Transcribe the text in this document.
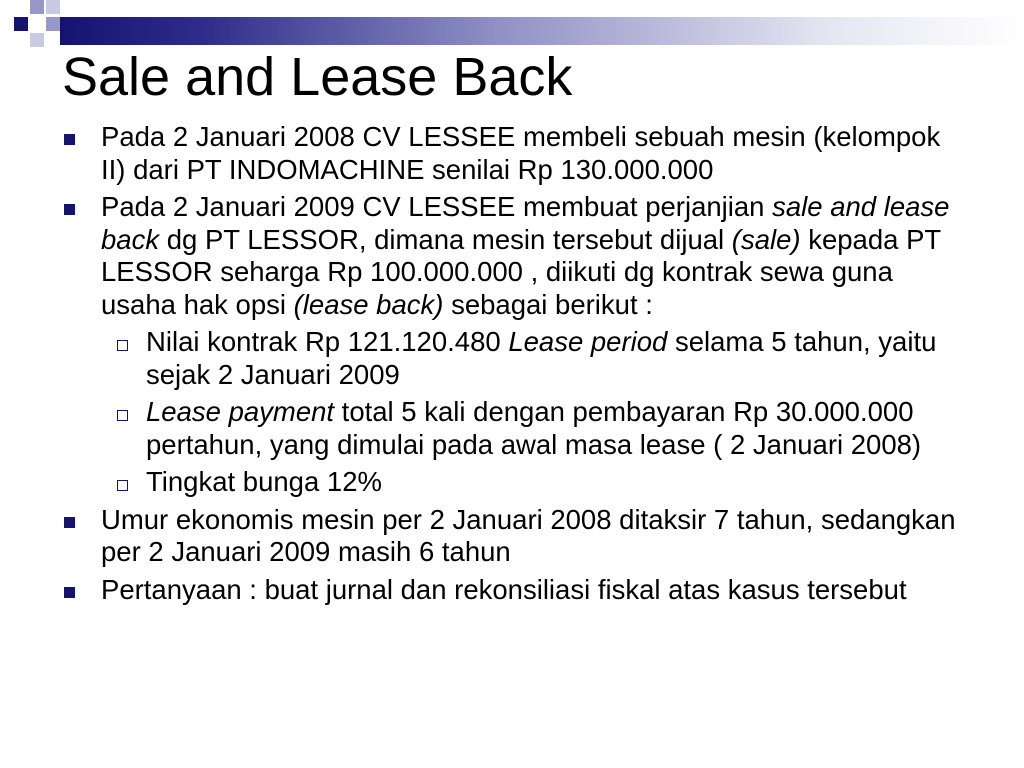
Sale and Lease Back
Pada 2 Januari 2008 CV LESSEE membeli sebuah mesin (kelompok II) dari PT INDOMACHINE senilai Rp 130.000.000
Pada 2 Januari 2009 CV LESSEE membuat perjanjian sale and lease back dg PT LESSOR, dimana mesin tersebut dijual (sale) kepada PT LESSOR seharga Rp 100.000.000 , diikuti dg kontrak sewa guna usaha hak opsi (lease back) sebagai berikut :
Nilai kontrak Rp 121.120.480 Lease period selama 5 tahun, yaitu sejak 2 Januari 2009
Lease payment total 5 kali dengan pembayaran Rp 30.000.000 pertahun, yang dimulai pada awal masa lease ( 2 Januari 2008)
Tingkat bunga 12%
Umur ekonomis mesin per 2 Januari 2008 ditaksir 7 tahun, sedangkan per 2 Januari 2009 masih 6 tahun
Pertanyaan : buat jurnal dan rekonsiliasi fiskal atas kasus tersebut
